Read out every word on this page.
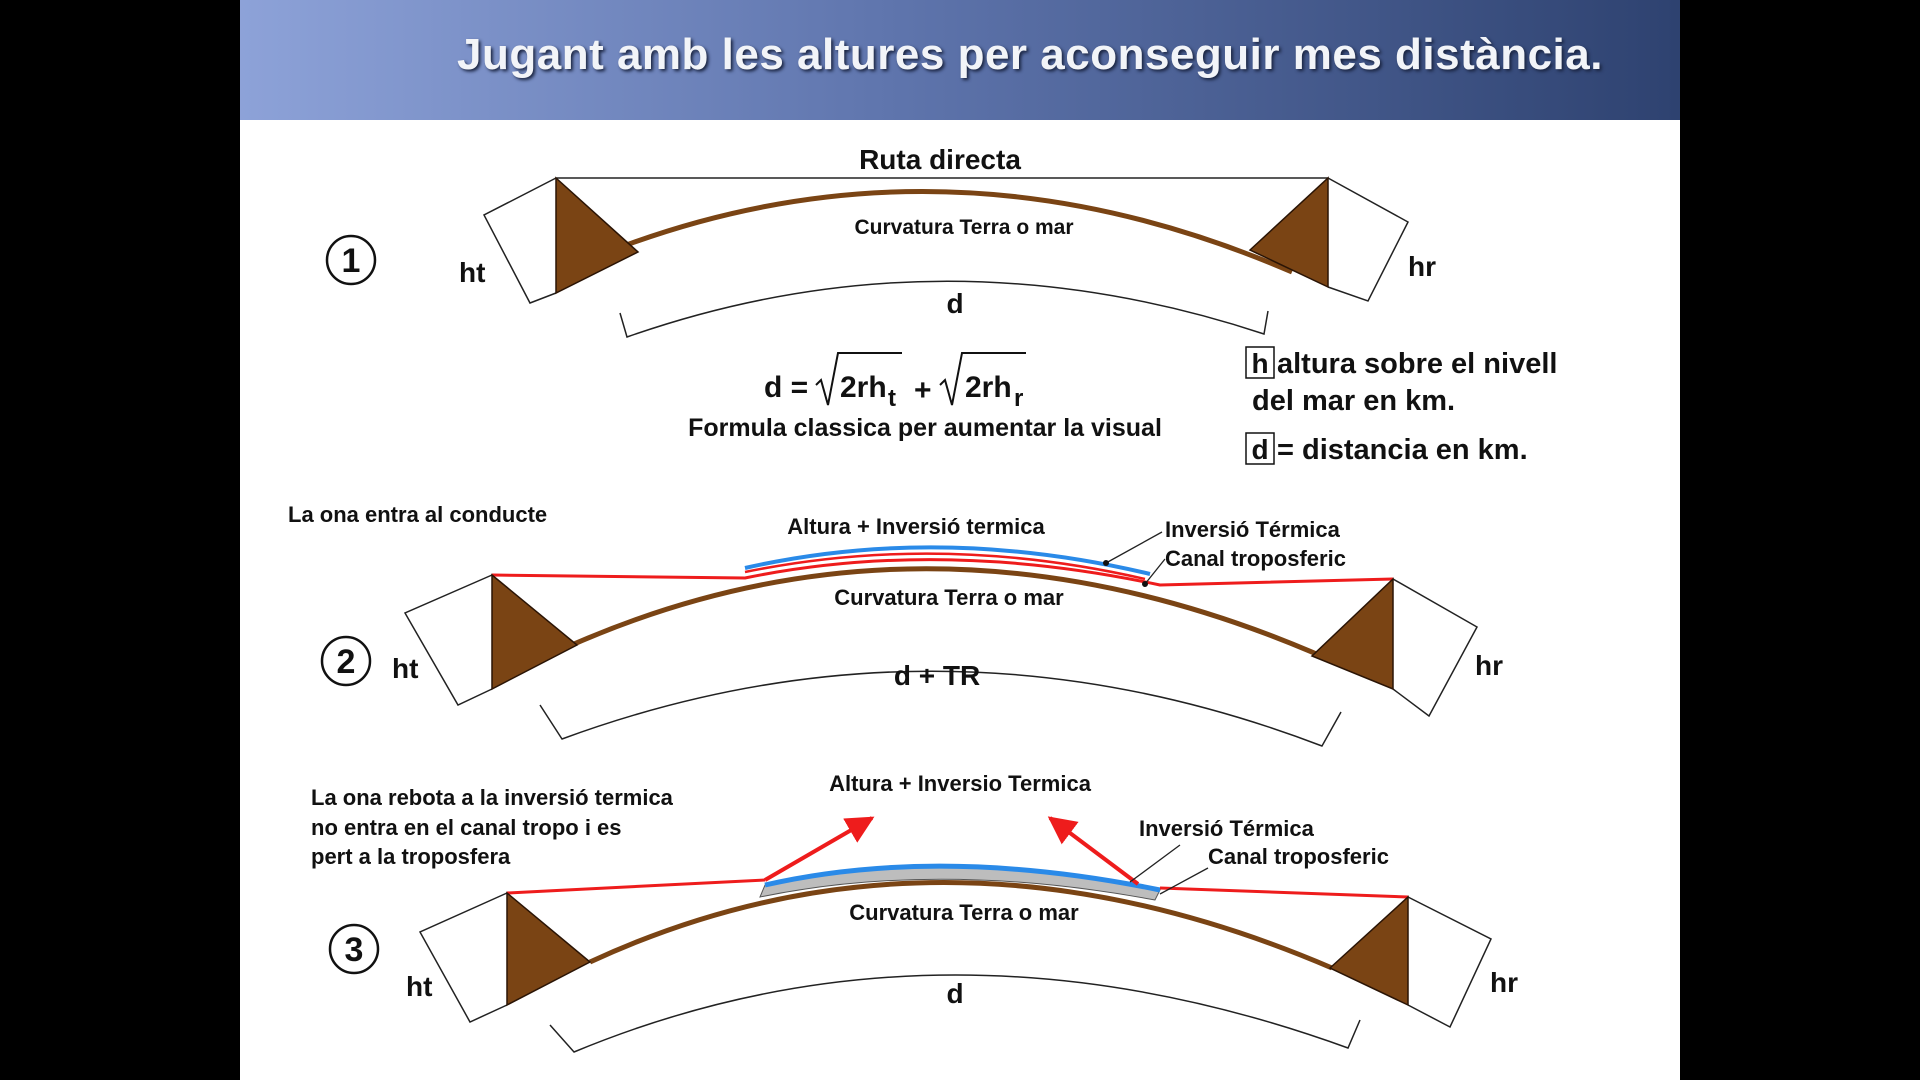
Jugant amb les altures per aconseguir mes distància.
Ruta directa
Curvatura Terra o mar
ht	hr
d
1
d = 2rh t + 2rh r
Formula classica per aumentar la visual
h altura sobre el nivell
del mar en km.
d = distancia en km.
La ona entra al conducte	Altura + Inversió termica	Inversió Térmica
Canal troposferic
Curvatura Terra o mar
ht	hr
d + TR
2
La ona rebota a la inversió termica
no entra en el canal tropo i es
pert a la troposfera
Altura + Inversio Termica
Inversió Térmica
Canal troposferic
Curvatura Terra o mar
ht	hr
d
3
